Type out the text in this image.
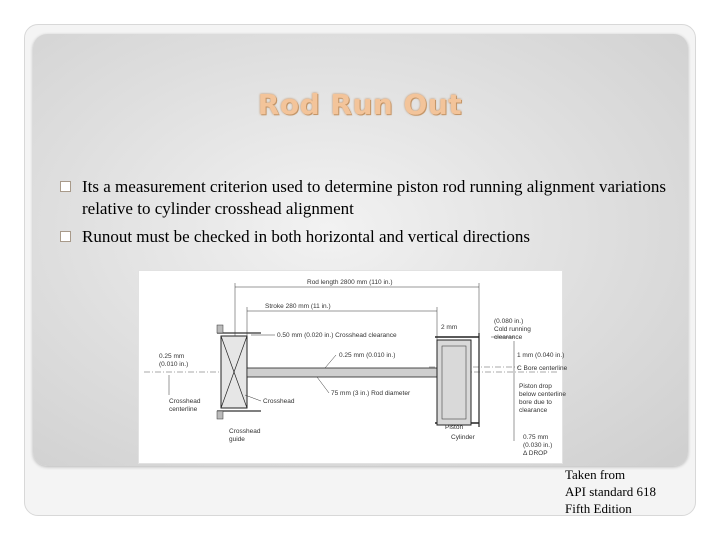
Rod Run Out
Its a measurement criterion used to determine piston rod running alignment variations relative to cylinder crosshead alignment
Runout must be checked in both horizontal and vertical directions
Rod length 2800 mm (110 in.)
Stroke 280 mm (11 in.)
0.50 mm (0.020 in.) Crosshead clearance
0.25 mm (0.010 in.)
0.25 mm
(0.010 in.)
Crosshead
centerline
Crosshead
Crosshead
guide
75 mm (3 in.) Rod diameter
Piston
Cylinder
2 mm
(0.080 in.)
Cold running
clearance
1 mm (0.040 in.)
C Bore centerline
Piston drop
below centerline
bore due to
clearance
0.75 mm
(0.030 in.)
Δ DROP
Taken from
API standard 618
Fifth Edition
